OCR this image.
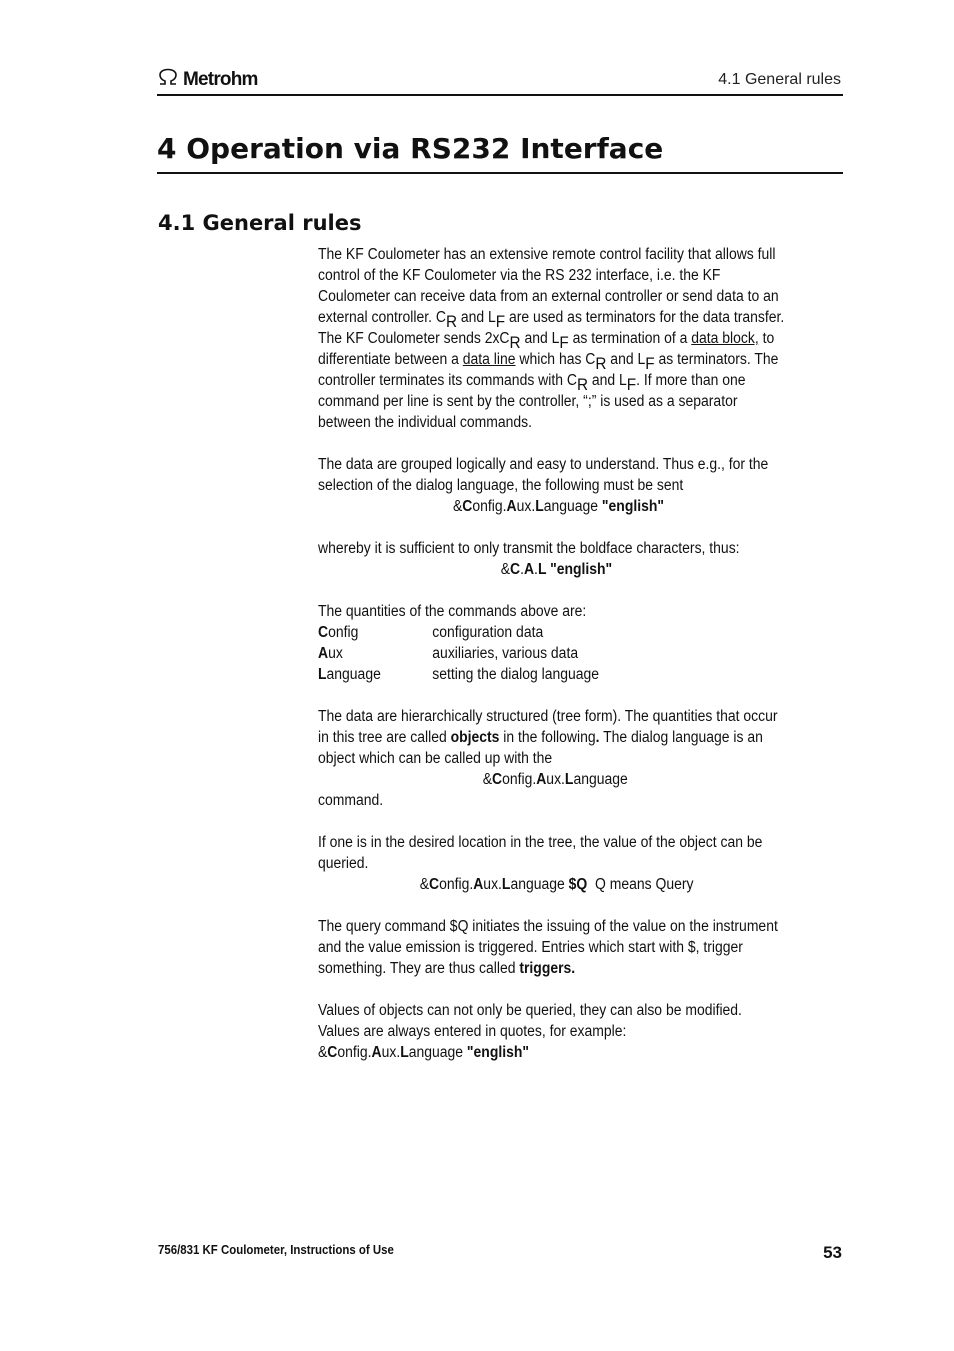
Metrohm	4.1 General rules
4 Operation via RS232 Interface
4.1 General rules

The KF Coulometer has an extensive remote control facility that allows full control of the KF Coulometer via the RS 232 interface, i.e. the KF Coulometer can receive data from an external controller or send data to an external controller. CR and LF are used as terminators for the data transfer. The KF Coulometer sends 2xCR and LF as termination of a data block, to differentiate between a data line which has CR and LF as terminators. The controller terminates its commands with CR and LF. If more than one command per line is sent by the controller, “;” is used as a separator between the individual commands.

The data are grouped logically and easy to understand. Thus e.g., for the selection of the dialog language, the following must be sent
&Config.Aux.Language "english"

whereby it is sufficient to only transmit the boldface characters, thus:
&C.A.L "english"

The quantities of the commands above are:

Config	configuration data
Aux	auxiliaries, various data
Language	setting the dialog language

The data are hierarchically structured (tree form). The quantities that occur in this tree are called objects in the following. The dialog language is an object which can be called up with the
&Config.Aux.Language
command.

If one is in the desired location in the tree, the value of the object can be queried.
&Config.Aux.Language $Q  Q means Query

The query command $Q initiates the issuing of the value on the instrument and the value emission is triggered. Entries which start with $, trigger something. They are thus called triggers.

Values of objects can not only be queried, they can also be modified. Values are always entered in quotes, for example:
&Config.Aux.Language "english"

756/831 KF Coulometer, Instructions of Use	53
